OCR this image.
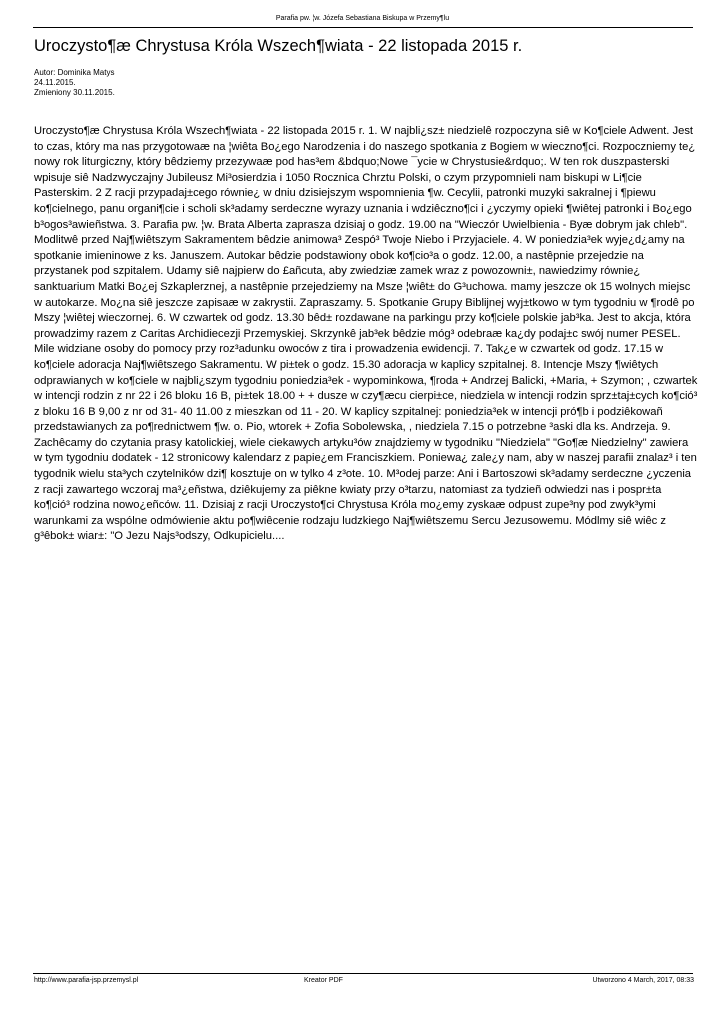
Parafia pw. ¦w. Józefa Sebastiana Biskupa w Przemy¶lu
Uroczysto¶æ Chrystusa Króla Wszech¶wiata - 22 listopada 2015 r.
Autor: Dominika Matys
24.11.2015.
Zmieniony 30.11.2015.

Uroczysto¶æ Chrystusa Króla Wszech¶wiata - 22 listopada 2015 r. 1. W najbli¿sz± niedzielê rozpoczyna siê w Ko¶ciele Adwent. Jest to czas, który ma nas przygotowaæ na ¦wiêta Bo¿ego Narodzenia i do naszego spotkania z Bogiem w wieczno¶ci. Rozpoczniemy te¿ nowy rok liturgiczny, który bêdziemy przezywaæ pod has³em &bdquo;Nowe ¯ycie w Chrystusie&rdquo;. W ten rok duszpasterski wpisuje siê Nadzwyczajny Jubileusz Mi³osierdzia i 1050 Rocznica Chrztu Polski, o czym przypomnieli nam biskupi w Li¶cie Pasterskim. 2 Z racji przypadaj±cego równie¿ w dniu dzisiejszym wspomnienia ¶w. Cecylii, patronki muzyki sakralnej i ¶piewu ko¶cielnego, panu organi¶cie i scholi sk³adamy serdeczne wyrazy uznania i wdziêczno¶ci i ¿yczymy opieki ¶wiêtej patronki i Bo¿ego b³ogos³awieñstwa. 3. Parafia pw. ¦w. Brata Alberta zaprasza dzisiaj o godz. 19.00 na "Wieczór Uwielbienia - Byæ dobrym jak chleb". Modlitwê przed Naj¶wiêtszym Sakramentem bêdzie animowa³ Zespó³ Twoje Niebo i Przyjaciele. 4. W poniedzia³ek wyje¿d¿amy na spotkanie imieninowe z ks. Januszem. Autokar bêdzie podstawiony obok ko¶cio³a o godz. 12.00, a nastêpnie przejedzie na przystanek pod szpitalem. Udamy siê najpierw do £añcuta, aby zwiedziæ zamek wraz z powozowni±, nawiedzimy równie¿ sanktuarium Matki Bo¿ej Szkaplerznej, a nastêpnie przejedziemy na Msze ¦wiêt± do G³uchowa. mamy jeszcze ok 15 wolnych miejsc w autokarze. Mo¿na siê jeszcze zapisaæ w zakrystii. Zapraszamy. 5. Spotkanie Grupy Biblijnej wyj±tkowo w tym tygodniu w ¶rodê po Mszy ¦wiêtej wieczornej. 6. W czwartek od godz. 13.30 bêd± rozdawane na parkingu przy ko¶ciele polskie jab³ka. Jest to akcja, która prowadzimy razem z Caritas Archidiecezji Przemyskiej. Skrzynkê jab³ek bêdzie móg³ odebraæ ka¿dy podaj±c swój numer PESEL. Mile widziane osoby do pomocy przy roz³adunku owoców z tira i prowadzenia ewidencji. 7. Tak¿e w czwartek od godz. 17.15 w ko¶ciele adoracja Naj¶wiêtszego Sakramentu. W pi±tek o godz. 15.30 adoracja w kaplicy szpitalnej. 8. Intencje Mszy ¶wiêtych odprawianych w ko¶ciele w najbli¿szym tygodniu poniedzia³ek - wypominkowa, ¶roda + Andrzej Balicki, +Maria, + Szymon; , czwartek w intencji rodzin z nr 22 i 26 bloku 16 B, pi±tek 18.00 + + dusze w czy¶æcu cierpi±ce, niedziela w intencji rodzin sprz±taj±cych ko¶ció³ z bloku 16 B 9,00 z nr od 31- 40 11.00 z mieszkan od 11 - 20. W kaplicy szpitalnej: poniedzia³ek w intencji pró¶b i podziêkowañ przedstawianych za po¶rednictwem ¶w. o. Pio, wtorek + Zofia Sobolewska, , niedziela 7.15 o potrzebne ³aski dla ks. Andrzeja. 9. Zachêcamy do czytania prasy katolickiej, wiele ciekawych artyku³ów znajdziemy w tygodniku "Niedziela" "Go¶æ Niedzielny" zawiera w tym tygodniu dodatek - 12 stronicowy kalendarz z papie¿em Franciszkiem. Poniewa¿ zale¿y nam, aby w naszej parafii znalaz³ i ten tygodnik wielu sta³ych czytelników dzi¶ kosztuje on w tylko 4 z³ote. 10. M³odej parze: Ani i Bartoszowi sk³adamy serdeczne ¿yczenia z racji zawartego wczoraj ma³¿eñstwa, dziêkujemy za piêkne kwiaty przy o³tarzu, natomiast za tydzieñ odwiedzi nas i pospr±ta ko¶ció³ rodzina nowo¿eñców. 11. Dzisiaj z racji Uroczysto¶ci Chrystusa Króla mo¿emy zyskaæ odpust zupe³ny pod zwyk³ymi warunkami za wspólne odmówienie aktu po¶wiêcenie rodzaju ludzkiego Naj¶wiêtszemu Sercu Jezusowemu. Módlmy siê wiêc z g³êbok± wiar±: "O Jezu Najs³odszy, Odkupicielu....

http://www.parafia-jsp.przemysl.pl	Kreator PDF	Utworzono 4 March, 2017, 08:33
